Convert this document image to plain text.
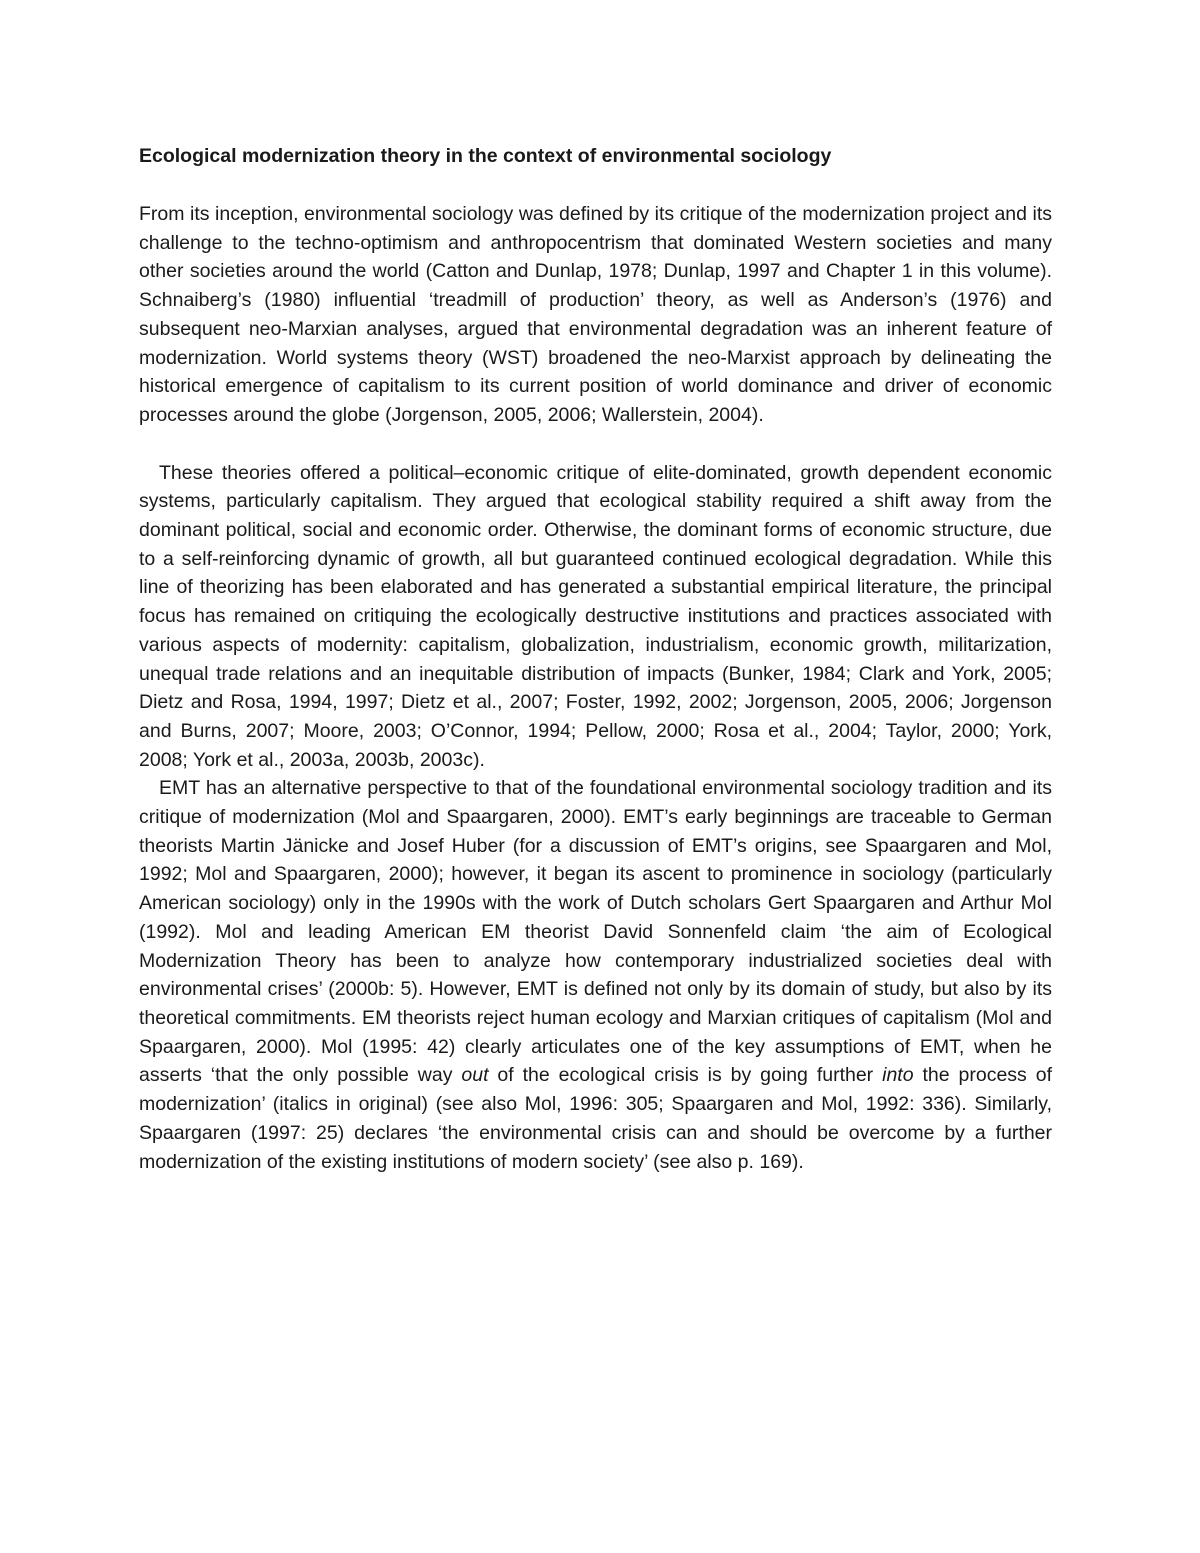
Ecological modernization theory in the context of environmental sociology

From its inception, environmental sociology was defined by its critique of the modernization project and its challenge to the techno-optimism and anthropocentrism that dominated Western societies and many other societies around the world (Catton and Dunlap, 1978; Dunlap, 1997 and Chapter 1 in this volume). Schnaiberg’s (1980) influential ‘treadmill of production’ theory, as well as Anderson’s (1976) and subsequent neo-Marxian analyses, argued that environmental degradation was an inherent feature of modernization. World systems theory (WST) broadened the neo-Marxist approach by delineating the historical emergence of capitalism to its current position of world dominance and driver of economic processes around the globe (Jorgenson, 2005, 2006; Wallerstein, 2004).

These theories offered a political–economic critique of elite-dominated, growth dependent economic systems, particularly capitalism. They argued that ecological stability required a shift away from the dominant political, social and economic order. Otherwise, the dominant forms of economic structure, due to a self-reinforcing dynamic of growth, all but guaranteed continued ecological degradation. While this line of theorizing has been elaborated and has generated a substantial empirical literature, the principal focus has remained on critiquing the ecologically destructive institutions and practices associated with various aspects of modernity: capitalism, globalization, industrialism, economic growth, militarization, unequal trade relations and an inequitable distribution of impacts (Bunker, 1984; Clark and York, 2005; Dietz and Rosa, 1994, 1997; Dietz et al., 2007; Foster, 1992, 2002; Jorgenson, 2005, 2006; Jorgenson and Burns, 2007; Moore, 2003; O’Connor, 1994; Pellow, 2000; Rosa et al., 2004; Taylor, 2000; York, 2008; York et al., 2003a, 2003b, 2003c).

EMT has an alternative perspective to that of the foundational environmental sociology tradition and its critique of modernization (Mol and Spaargaren, 2000). EMT’s early beginnings are traceable to German theorists Martin Jänicke and Josef Huber (for a discussion of EMT’s origins, see Spaargaren and Mol, 1992; Mol and Spaargaren, 2000); however, it began its ascent to prominence in sociology (particularly American sociology) only in the 1990s with the work of Dutch scholars Gert Spaargaren and Arthur Mol (1992). Mol and leading American EM theorist David Sonnenfeld claim ‘the aim of Ecological Modernization Theory has been to analyze how contemporary industrialized societies deal with environmental crises’ (2000b: 5). However, EMT is defined not only by its domain of study, but also by its theoretical commitments. EM theorists reject human ecology and Marxian critiques of capitalism (Mol and Spaargaren, 2000). Mol (1995: 42) clearly articulates one of the key assumptions of EMT, when he asserts ‘that the only possible way out of the ecological crisis is by going further into the process of modernization’ (italics in original) (see also Mol, 1996: 305; Spaargaren and Mol, 1992: 336). Similarly, Spaargaren (1997: 25) declares ‘the environmental crisis can and should be overcome by a further modernization of the existing institutions of modern society’ (see also p. 169).
